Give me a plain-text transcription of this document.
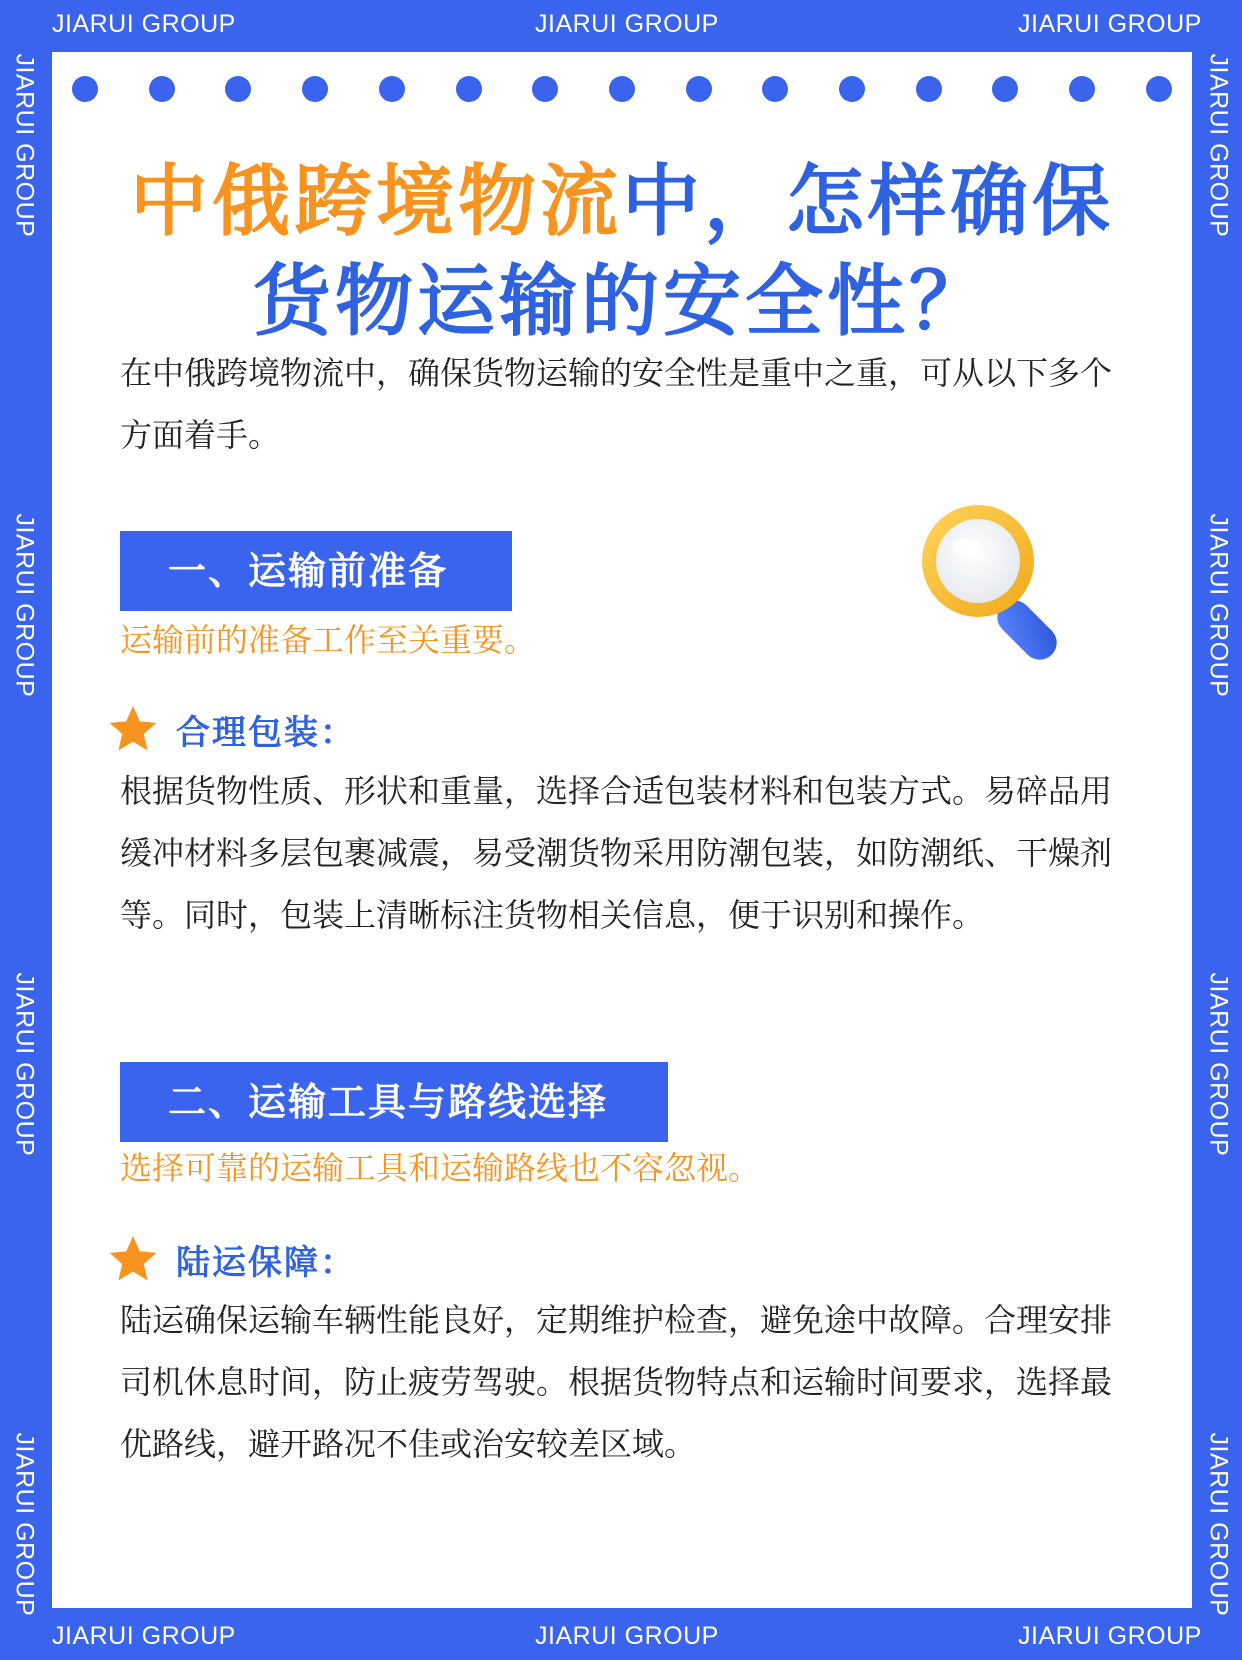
JIARUI GROUP	JIARUI GROUP	JIARUI GROUP
JIARUI GROUP	JIARUI GROUP	JIARUI GROUP
JIARUI GROUP
JIARUI GROUP
JIARUI GROUP
JIARUI GROUP
JIARUI GROUP
JIARUI GROUP
JIARUI GROUP
JIARUI GROUP
中俄跨境物流中，怎样确保
货物运输的安全性？
在中俄跨境物流中，确保货物运输的安全性是重中之重，可从以下多个方面着手。
一、运输前准备
运输前的准备工作至关重要。
合理包装：
根据货物性质、形状和重量，选择合适包装材料和包装方式。易碎品用缓冲材料多层包裹减震，易受潮货物采用防潮包装，如防潮纸、干燥剂等。同时，包装上清晰标注货物相关信息，便于识别和操作。
二、运输工具与路线选择
选择可靠的运输工具和运输路线也不容忽视。
陆运保障：
陆运确保运输车辆性能良好，定期维护检查，避免途中故障。合理安排司机休息时间，防止疲劳驾驶。根据货物特点和运输时间要求，选择最优路线，避开路况不佳或治安较差区域。
